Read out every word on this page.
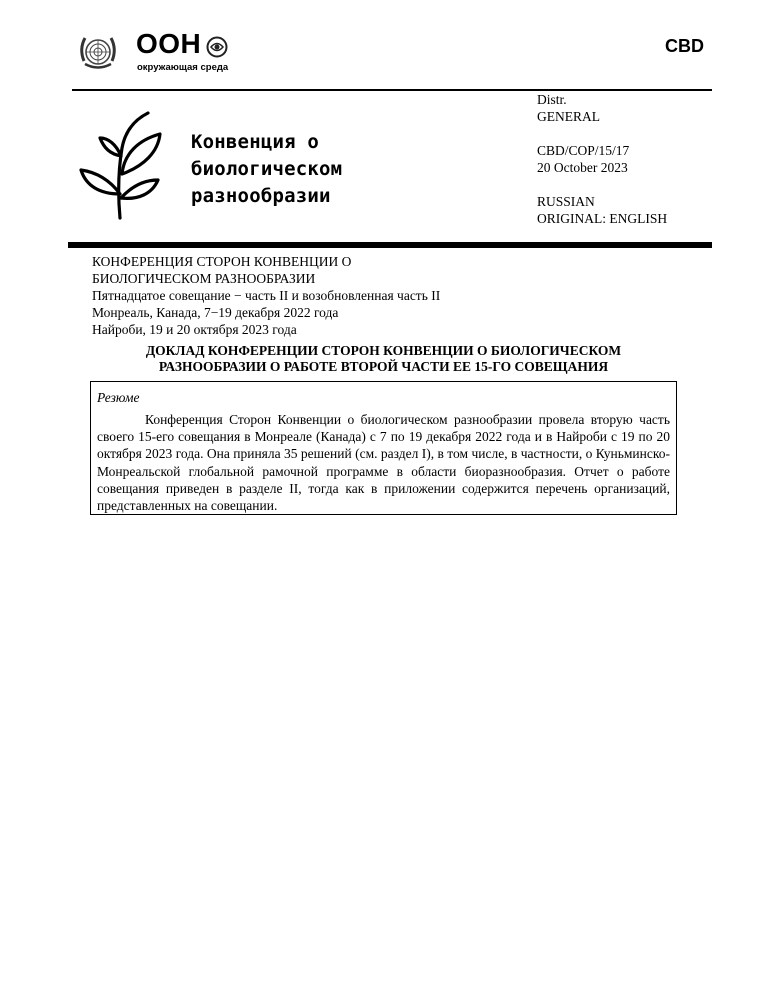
ООН
окружающая среда
CBD
Конвенция о
биологическом
разнообразии
Distr.
GENERAL
CBD/COP/15/17
20 October 2023
RUSSIAN
ORIGINAL: ENGLISH
КОНФЕРЕНЦИЯ СТОРОН КОНВЕНЦИИ О
БИОЛОГИЧЕСКОМ РАЗНООБРАЗИИ
Пятнадцатое совещание − часть II и возобновленная часть II
Монреаль, Канада, 7−19 декабря 2022 года
Найроби, 19 и 20 октября 2023 года
ДОКЛАД КОНФЕРЕНЦИИ СТОРОН КОНВЕНЦИИ О БИОЛОГИЧЕСКОМ
РАЗНООБРАЗИИ О РАБОТЕ ВТОРОЙ ЧАСТИ ЕЕ 15-ГО СОВЕЩАНИЯ
Резюме
Конференция Сторон Конвенции о биологическом разнообразии провела вторую часть своего 15-его совещания в Монреале (Канада) с 7 по 19 декабря 2022 года и в Найроби с 19 по 20 октября 2023 года. Она приняла 35 решений (см. раздел I), в том числе, в частности, о Куньминско-Монреальской глобальной рамочной программе в области биоразнообразия. Отчет о работе совещания приведен в разделе II, тогда как в приложении содержится перечень организаций, представленных на совещании.
